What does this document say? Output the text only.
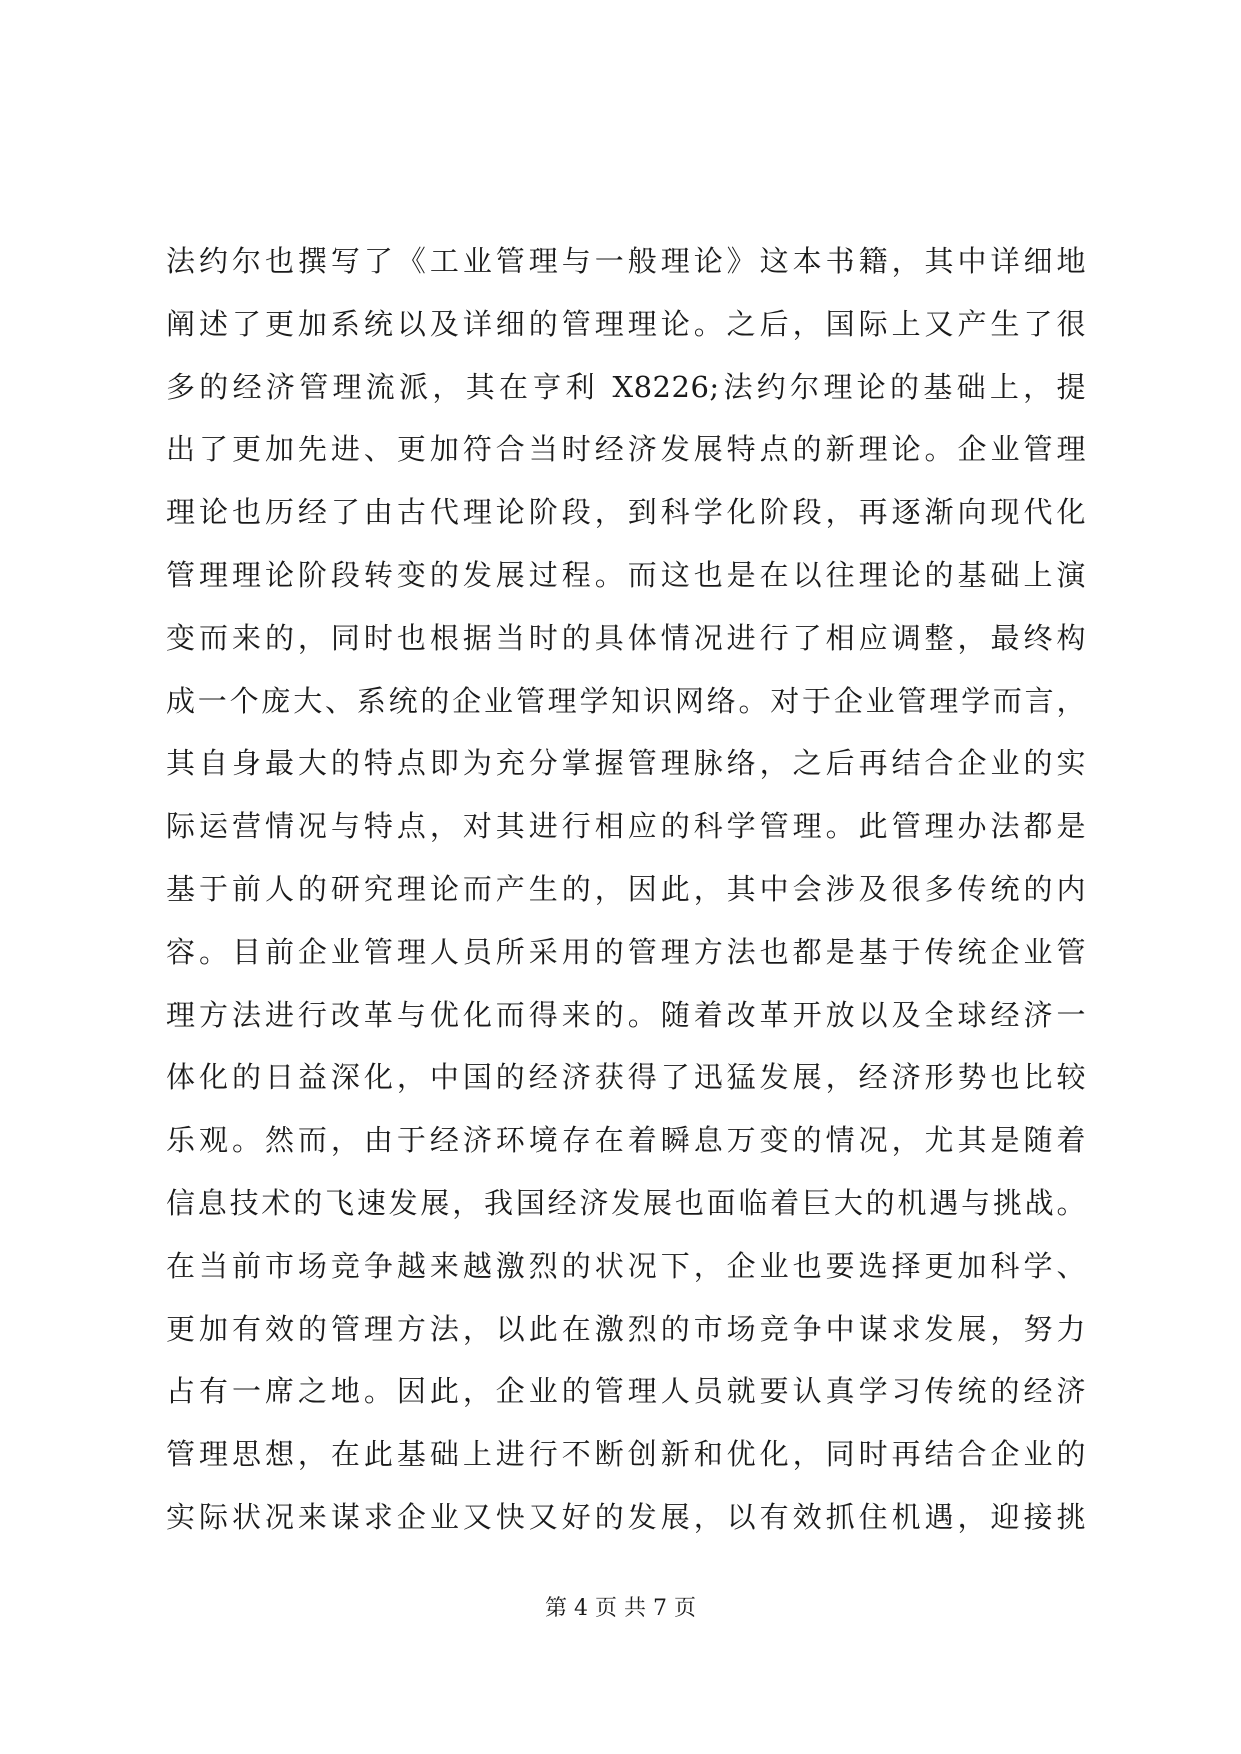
法约尔也撰写了《工业管理与一般理论》这本书籍，其中详细地
阐述了更加系统以及详细的管理理论。之后，国际上又产生了很
多的经济管理流派，其在亨利 X8226;法约尔理论的基础上，提
出了更加先进、更加符合当时经济发展特点的新理论。企业管理
理论也历经了由古代理论阶段，到科学化阶段，再逐渐向现代化
管理理论阶段转变的发展过程。而这也是在以往理论的基础上演
变而来的，同时也根据当时的具体情况进行了相应调整，最终构
成一个庞大、系统的企业管理学知识网络。对于企业管理学而言，
其自身最大的特点即为充分掌握管理脉络，之后再结合企业的实
际运营情况与特点，对其进行相应的科学管理。此管理办法都是
基于前人的研究理论而产生的，因此，其中会涉及很多传统的内
容。目前企业管理人员所采用的管理方法也都是基于传统企业管
理方法进行改革与优化而得来的。随着改革开放以及全球经济一
体化的日益深化，中国的经济获得了迅猛发展，经济形势也比较
乐观。然而，由于经济环境存在着瞬息万变的情况，尤其是随着
信息技术的飞速发展，我国经济发展也面临着巨大的机遇与挑战。
在当前市场竞争越来越激烈的状况下，企业也要选择更加科学、
更加有效的管理方法，以此在激烈的市场竞争中谋求发展，努力
占有一席之地。因此，企业的管理人员就要认真学习传统的经济
管理思想，在此基础上进行不断创新和优化，同时再结合企业的
实际状况来谋求企业又快又好的发展，以有效抓住机遇，迎接挑
第 4 页 共 7 页
